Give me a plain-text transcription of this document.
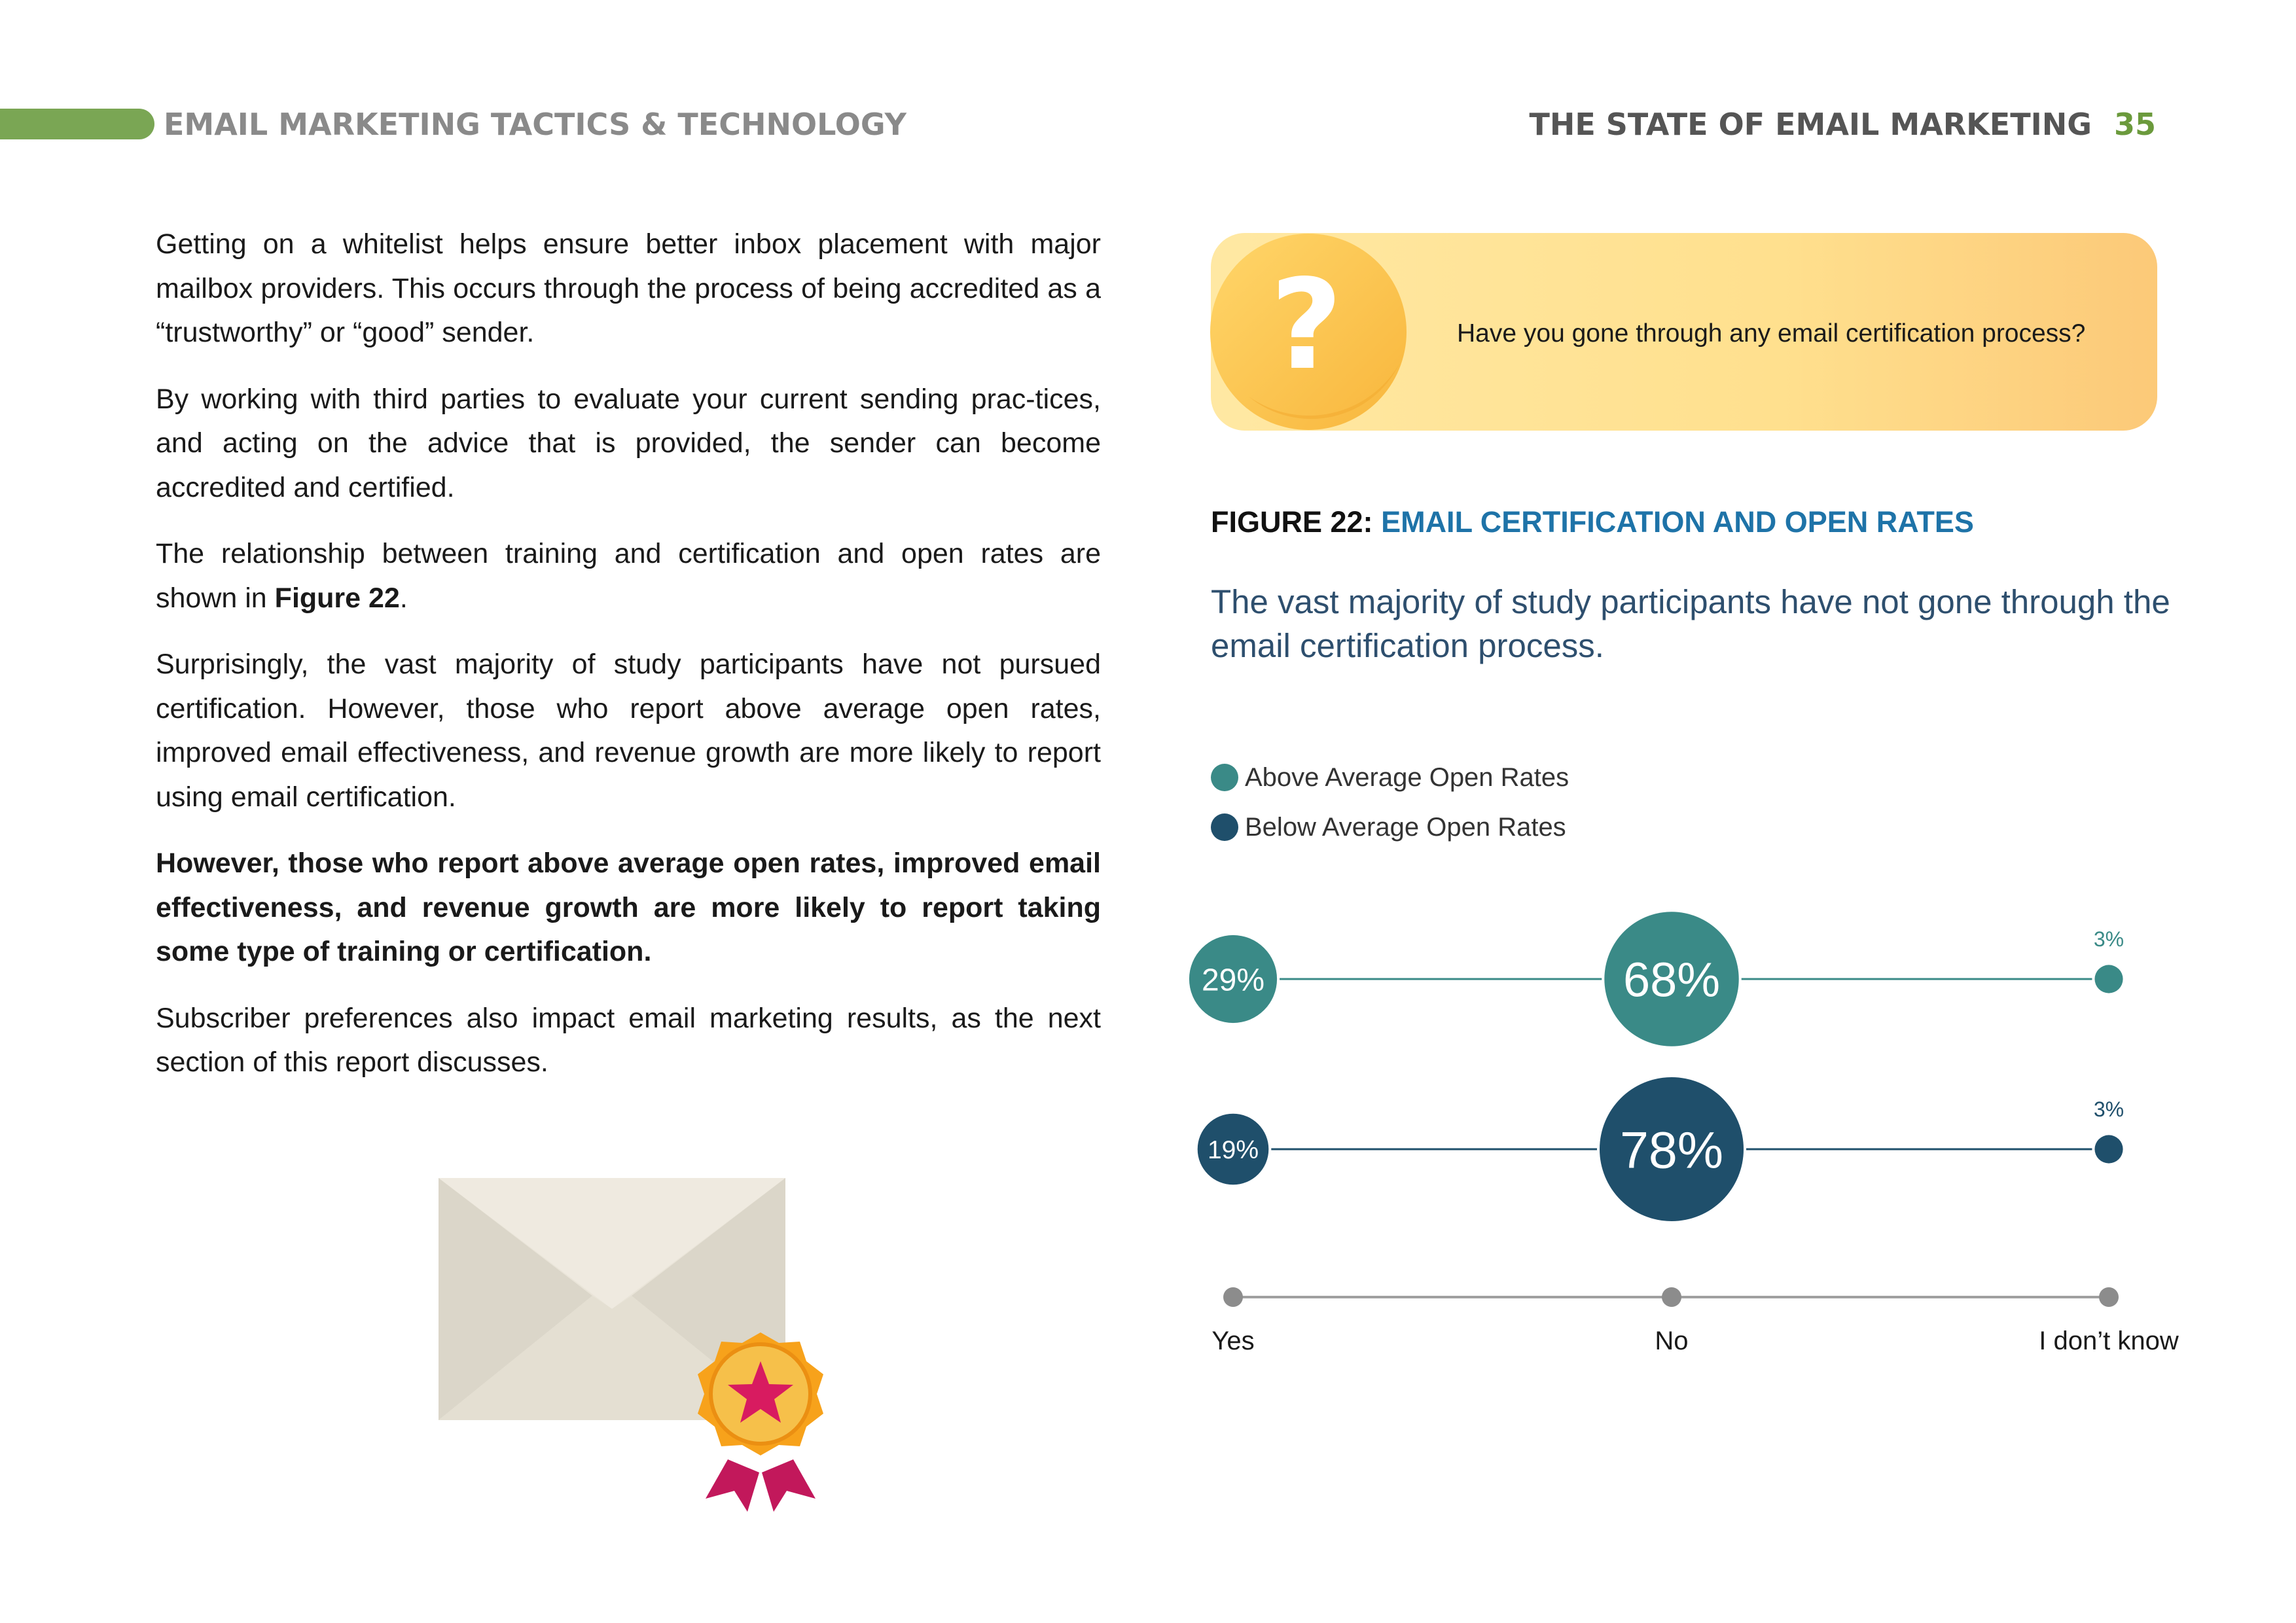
EMAIL MARKETING TACTICS & TECHNOLOGY	THE STATE OF EMAIL MARKETING 35

Getting on a whitelist helps ensure better inbox placement with major mailbox providers. This occurs through the process of being accredited as a “trustworthy” or “good” sender.

By working with third parties to evaluate your current sending prac-tices, and acting on the advice that is provided, the sender can become accredited and certified.

The relationship between training and certification and open rates are shown in Figure 22.

Surprisingly, the vast majority of study participants have not pursued certification. However, those who report above average open rates, improved email effectiveness, and revenue growth are more likely to report using email certification.

However, those who report above average open rates, improved email effectiveness, and revenue growth are more likely to report taking some type of training or certification.

Subscriber preferences also impact email marketing results, as the next section of this report discusses.

?	Have you gone through any email certification process?
FIGURE 22: EMAIL CERTIFICATION AND OPEN RATES
The vast majority of study participants have not gone through the email certification process.
Above Average Open Rates
Below Average Open Rates
29%	68%
3%
19%	78%
3%
Yes	No	I don’t know
